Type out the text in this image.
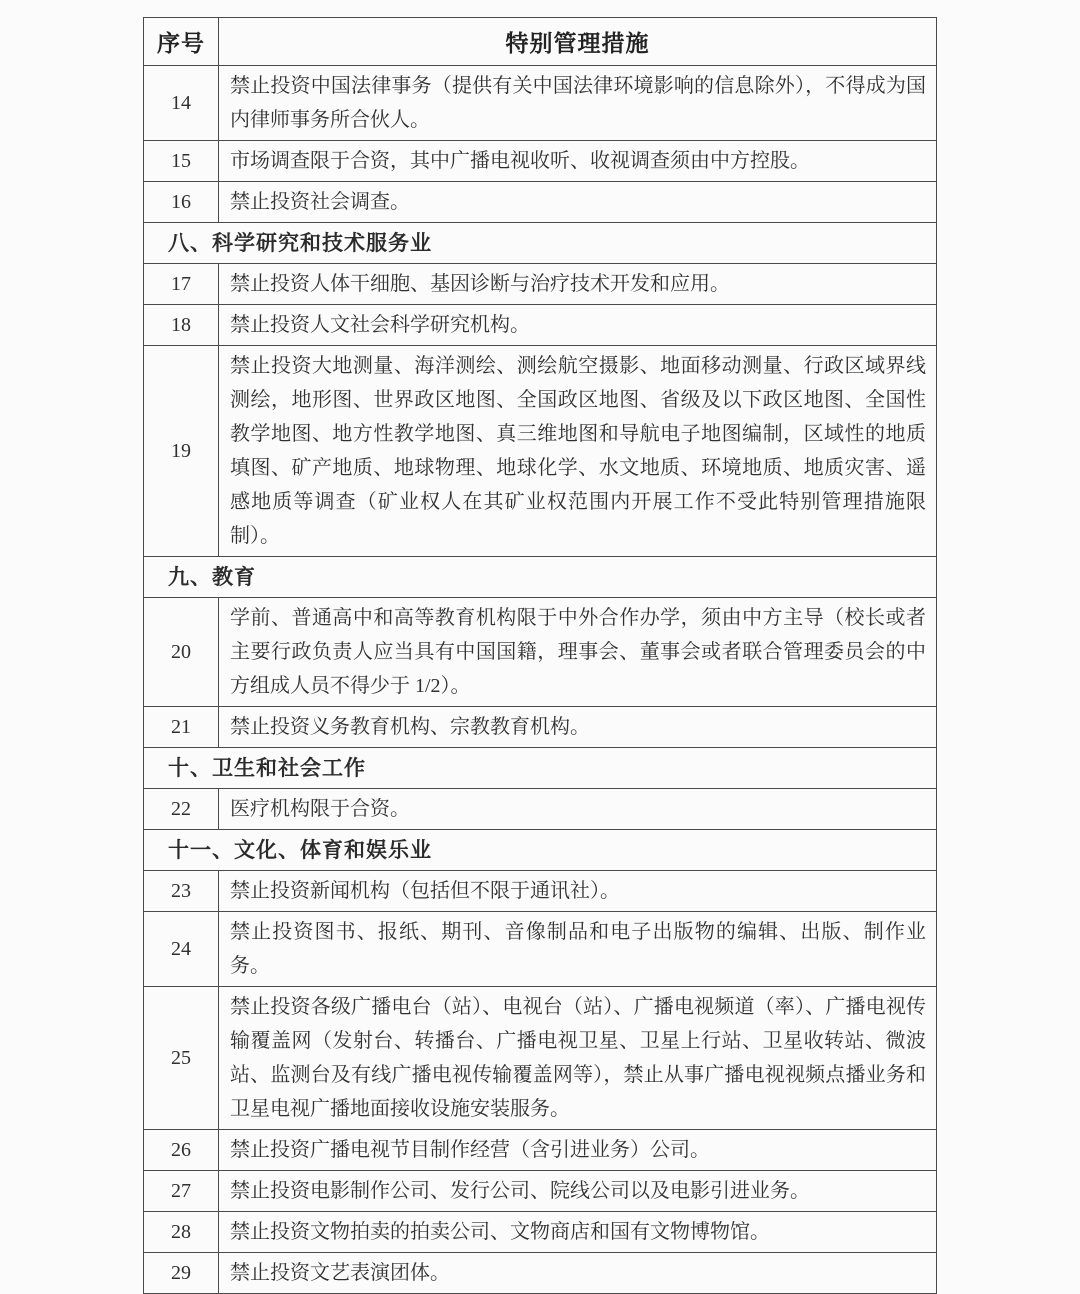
序号	特别管理措施
14	禁止投资中国法律事务（提供有关中国法律环境影响的信息除外），不得成为国内律师事务所合伙人。
15	市场调查限于合资，其中广播电视收听、收视调查须由中方控股。
16	禁止投资社会调查。
八、科学研究和技术服务业	
17	禁止投资人体干细胞、基因诊断与治疗技术开发和应用。
18	禁止投资人文社会科学研究机构。
19	禁止投资大地测量、海洋测绘、测绘航空摄影、地面移动测量、行政区域界线测绘，地形图、世界政区地图、全国政区地图、省级及以下政区地图、全国性教学地图、地方性教学地图、真三维地图和导航电子地图编制，区域性的地质填图、矿产地质、地球物理、地球化学、水文地质、环境地质、地质灾害、遥感地质等调查（矿业权人在其矿业权范围内开展工作不受此特别管理措施限制）。
九、教育	
20	学前、普通高中和高等教育机构限于中外合作办学，须由中方主导（校长或者主要行政负责人应当具有中国国籍，理事会、董事会或者联合管理委员会的中方组成人员不得少于 1/2）。
21	禁止投资义务教育机构、宗教教育机构。
十、卫生和社会工作	
22	医疗机构限于合资。
十一、文化、体育和娱乐业	
23	禁止投资新闻机构（包括但不限于通讯社）。
24	禁止投资图书、报纸、期刊、音像制品和电子出版物的编辑、出版、制作业务。
25	禁止投资各级广播电台（站）、电视台（站）、广播电视频道（率）、广播电视传输覆盖网（发射台、转播台、广播电视卫星、卫星上行站、卫星收转站、微波站、监测台及有线广播电视传输覆盖网等），禁止从事广播电视视频点播业务和卫星电视广播地面接收设施安装服务。
26	禁止投资广播电视节目制作经营（含引进业务）公司。
27	禁止投资电影制作公司、发行公司、院线公司以及电影引进业务。
28	禁止投资文物拍卖的拍卖公司、文物商店和国有文物博物馆。
29	禁止投资文艺表演团体。
